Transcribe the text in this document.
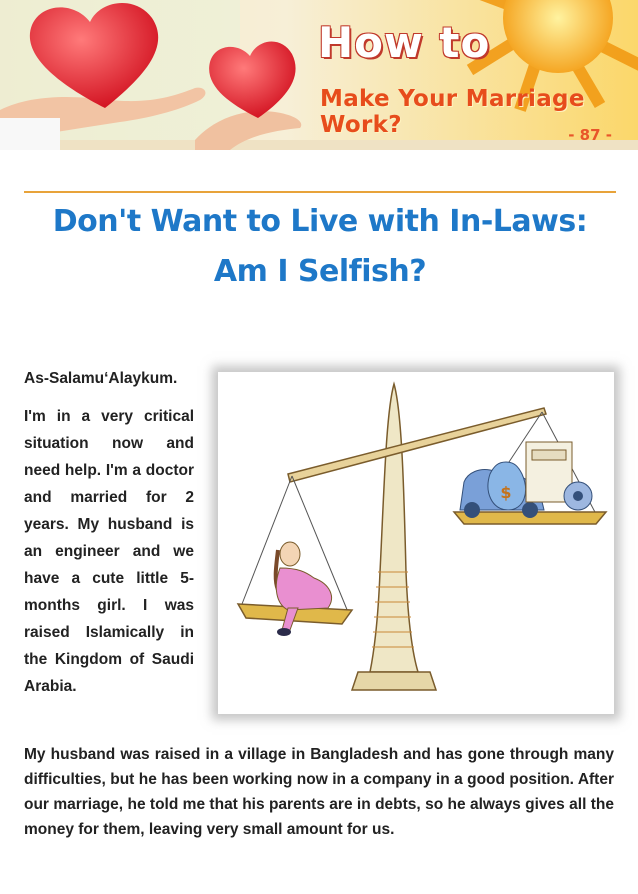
How to
Make Your Marriage Work?	- 87 -
Don't Want to Live with In-Laws: Am I Selfish?

As-Salamu‘Alaykum.

I'm in a very critical situation now and need help. I'm a doctor and married for 2 years. My husband is an engineer and we have a cute little 5-months girl. I was raised Islamically in the Kingdom of Saudi Arabia.

$

My husband was raised in a village in Bangladesh and has gone through many difficulties, but he has been working now in a company in a good position. After our marriage, he told me that his parents are in debts, so he always gives all the money for them, leaving very small amount for us.
